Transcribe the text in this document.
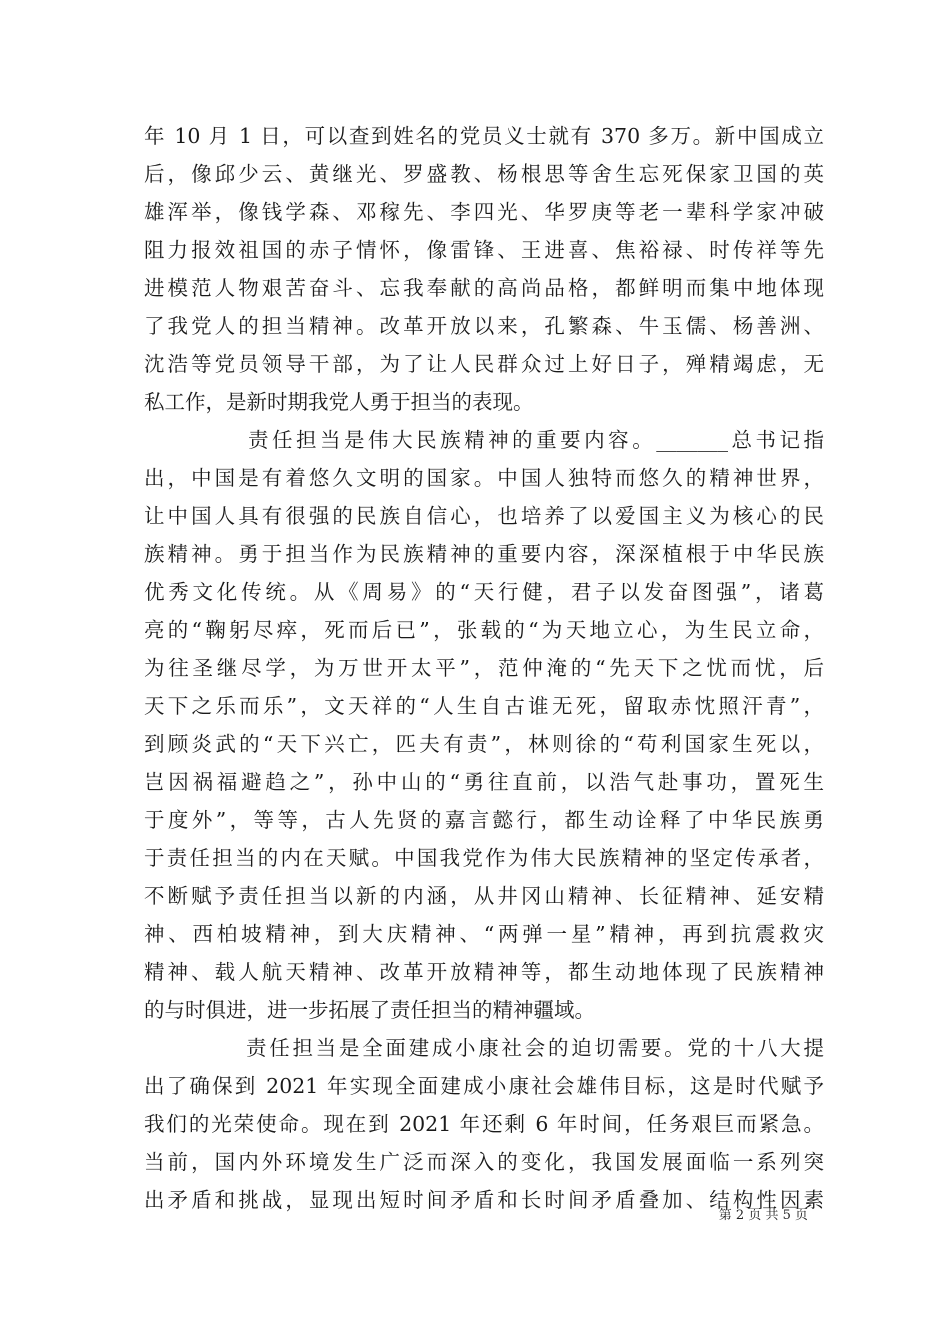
年 10 月 1 日，可以查到姓名的党员义士就有 370 多万。新中国成立
后，像邱少云、黄继光、罗盛教、杨根思等舍生忘死保家卫国的英
雄浑举，像钱学森、邓稼先、李四光、华罗庚等老一辈科学家冲破
阻力报效祖国的赤子情怀，像雷锋、王进喜、焦裕禄、时传祥等先
进模范人物艰苦奋斗、忘我奉献的高尚品格，都鲜明而集中地体现
了我党人的担当精神。改革开放以来，孔繁森、牛玉儒、杨善洲、
沈浩等党员领导干部，为了让人民群众过上好日子，殚精竭虑，无
私工作，是新时期我党人勇于担当的表现。
责任担当是伟大民族精神的重要内容。_______总书记指
出，中国是有着悠久文明的国家。中国人独特而悠久的精神世界，
让中国人具有很强的民族自信心，也培养了以爱国主义为核心的民
族精神。勇于担当作为民族精神的重要内容，深深植根于中华民族
优秀文化传统。从《周易》的“天行健，君子以发奋图强”，诸葛
亮的“鞠躬尽瘁，死而后已”，张载的“为天地立心，为生民立命，
为往圣继尽学，为万世开太平”，范仲淹的“先天下之忧而忧，后
天下之乐而乐”，文天祥的“人生自古谁无死，留取赤忱照汗青”，
到顾炎武的“天下兴亡，匹夫有责”，林则徐的“苟利国家生死以，
岂因祸福避趋之”，孙中山的“勇往直前，以浩气赴事功，置死生
于度外”，等等，古人先贤的嘉言懿行，都生动诠释了中华民族勇
于责任担当的内在天赋。中国我党作为伟大民族精神的坚定传承者，
不断赋予责任担当以新的内涵，从井冈山精神、长征精神、延安精
神、西柏坡精神，到大庆精神、“两弹一星”精神，再到抗震救灾
精神、载人航天精神、改革开放精神等，都生动地体现了民族精神
的与时俱进，进一步拓展了责任担当的精神疆域。
责任担当是全面建成小康社会的迫切需要。党的十八大提
出了确保到 2021 年实现全面建成小康社会雄伟目标，这是时代赋予
我们的光荣使命。现在到 2021 年还剩 6 年时间，任务艰巨而紧急。
当前，国内外环境发生广泛而深入的变化，我国发展面临一系列突
出矛盾和挑战，显现出短时间矛盾和长时间矛盾叠加、结构性因素
第 2 页 共 5 页
